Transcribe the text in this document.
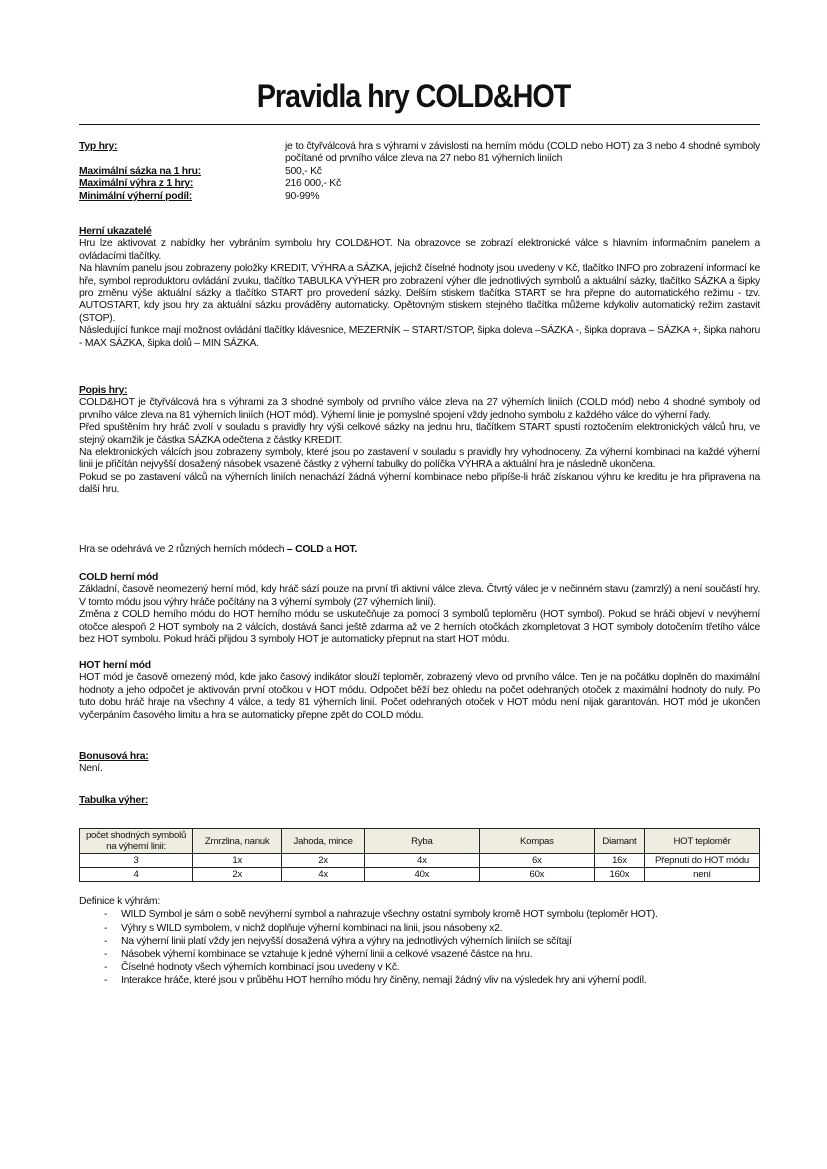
Pravidla hry COLD&HOT
Typ hry:	je to čtyřválcová hra s výhrami v závislosti na herním módu (COLD nebo HOT) za 3 nebo 4 shodné symboly počítané od prvního válce zleva na 27 nebo 81 výherních liniích
Maximální sázka na 1 hru:	500,- Kč
Maximální výhra z 1 hry:	216 000,- Kč
Minimální výherní podíl:	90-99%

Herní ukazatelé

Hru lze aktivovat z nabídky her vybráním symbolu hry COLD&HOT. Na obrazovce se zobrazí elektronické válce s hlavním informačním panelem a ovládacími tlačítky.

Na hlavním panelu jsou zobrazeny položky KREDIT, VÝHRA a SÁZKA, jejichž číselné hodnoty jsou uvedeny v Kč, tlačítko INFO pro zobrazení informací ke hře, symbol reproduktoru ovládání zvuku, tlačítko TABULKA VÝHER pro zobrazení výher dle jednotlivých symbolů a aktuální sázky, tlačítko SÁZKA a šipky pro změnu výše aktuální sázky a tlačítko START pro provedení sázky. Delším stiskem tlačítka START se hra přepne do automatického režimu - tzv. AUTOSTART, kdy jsou hry za aktuální sázku prováděny automaticky. Opětovným stiskem stejného tlačítka můžeme kdykoliv automatický režim zastavit (STOP).

Následující funkce mají možnost ovládání tlačítky klávesnice, MEZERNÍK – START/STOP, šipka doleva –SÁZKA -, šipka doprava – SÁZKA +, šipka nahoru - MAX SÁZKA, šipka dolů – MIN SÁZKA.

Popis hry:

COLD&HOT je čtyřválcová hra s výhrami za 3 shodné symboly od prvního válce zleva na 27 výherních liniích (COLD mód) nebo 4 shodné symboly od prvního válce zleva na 81 výherních liniích (HOT mód). Výherní linie je pomyslné spojení vždy jednoho symbolu z každého válce do výherní řady.

Před spuštěním hry hráč zvolí v souladu s pravidly hry výši celkové sázky na jednu hru, tlačítkem START spustí roztočením elektronických válců hru, ve stejný okamžik je částka SÁZKA odečtena z částky KREDIT.

Na elektronických válcích jsou zobrazeny symboly, které jsou po zastavení v souladu s pravidly hry vyhodnoceny. Za výherní kombinaci na každé výherní linii je přičítán nejvyšší dosažený násobek vsazené částky z výherní tabulky do políčka VÝHRA a aktuální hra je následně ukončena.

Pokud se po zastavení válců na výherních liniích nenachází žádná výherní kombinace nebo připíše-li hráč získanou výhru ke kreditu je hra připravena na další hru.

Hra se odehrává ve 2 různých herních módech – COLD a HOT.

COLD herní mód

Základní, časově neomezený herní mód, kdy hráč sází pouze na první tři aktivní válce zleva. Čtvrtý válec je v nečinném stavu (zamrzlý) a není součástí hry. V tomto módu jsou výhry hráče počítány na 3 výherní symboly (27 výherních linií).

Změna z COLD herního módu do HOT herního módu se uskutečňuje za pomocí 3 symbolů teploměru (HOT symbol). Pokud se hráči objeví v nevýherní otočce alespoň 2 HOT symboly na 2 válcích, dostává šanci ještě zdarma až ve 2 herních otočkách zkompletovat 3 HOT symboly dotočením třetího válce bez HOT symbolu. Pokud hráči přijdou 3 symboly HOT je automaticky přepnut na start HOT módu.

HOT herní mód

HOT mód je časově omezený mód, kde jako časový indikátor slouží teploměr, zobrazený vlevo od prvního válce. Ten je na počátku doplněn do maximální hodnoty a jeho odpočet je aktivován první otočkou v HOT módu. Odpočet běží bez ohledu na počet odehraných otoček z maximální hodnoty do nuly. Po tuto dobu hráč hraje na všechny 4 válce, a tedy 81 výherních linií. Počet odehraných otoček v HOT módu není nijak garantován. HOT mód je ukončen vyčerpáním časového limitu a hra se automaticky přepne zpět do COLD módu.

Bonusová hra:

Není.

Tabulka výher:

počet shodných symbolů na výherní linii:	Zmrzlina, nanuk	Jahoda, mince	Ryba	Kompas	Diamant	HOT teploměr
3	1x	2x	4x	6x	16x	Přepnutí do HOT módu
4	2x	4x	40x	60x	160x	není

Definice k výhrám:

- WILD Symbol je sám o sobě nevýherní symbol a nahrazuje všechny ostatní symboly kromě HOT symbolu (teploměr HOT).
- Výhry s WILD symbolem, v nichž doplňuje výherní kombinaci na linii, jsou násobeny x2.
- Na výherní linii platí vždy jen nejvyšší dosažená výhra a výhry na jednotlivých výherních liniích se sčítají
- Násobek výherní kombinace se vztahuje k jedné výherní linii a celkové vsazené částce na hru.
- Číselné hodnoty všech výherních kombinací jsou uvedeny v Kč.
- Interakce hráče, které jsou v průběhu HOT herního módu hry činěny, nemají žádný vliv na výsledek hry ani výherní podíl.
